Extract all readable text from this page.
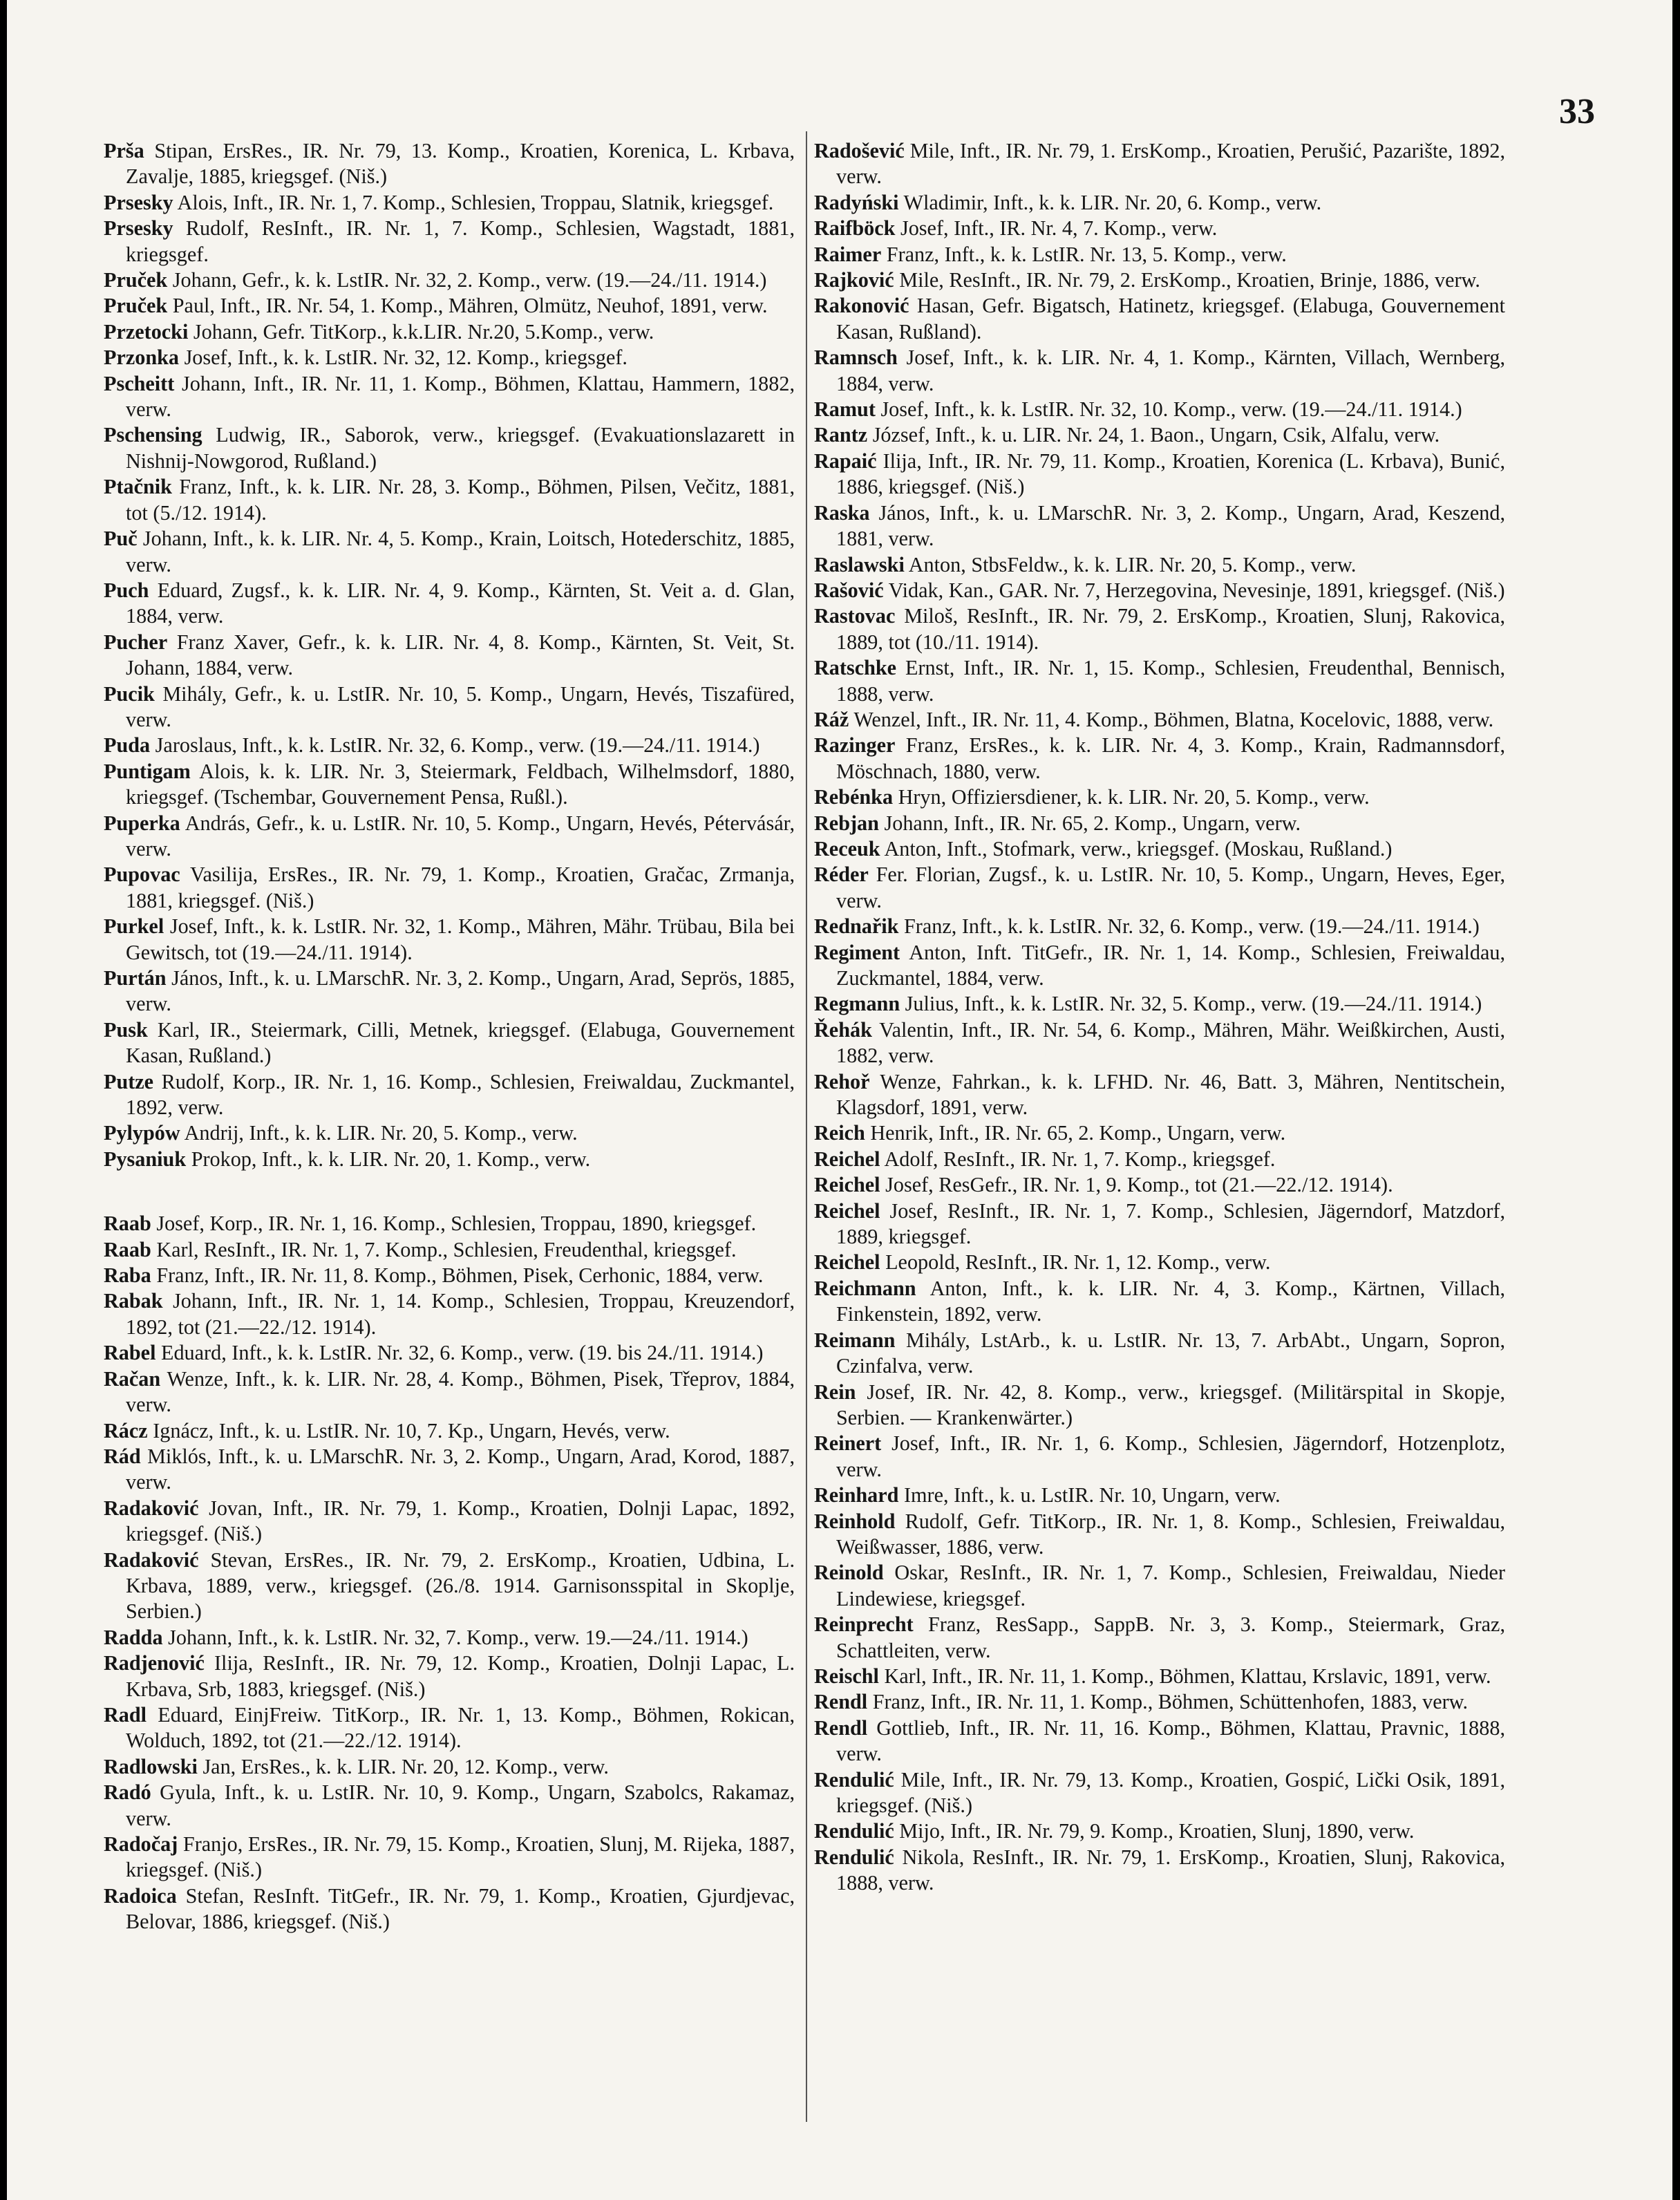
33

Prša Stipan, ErsRes., IR. Nr. 79, 13. Komp., Kroatien, Korenica, L. Krbava, Zavalje, 1885, kriegsgef. (Niš.)
Prsesky Alois, Inft., IR. Nr. 1, 7. Komp., Schlesien, Troppau, Slatnik, kriegsgef.
Prsesky Rudolf, ResInft., IR. Nr. 1, 7. Komp., Schlesien, Wagstadt, 1881, kriegsgef.
Pruček Johann, Gefr., k. k. LstIR. Nr. 32, 2. Komp., verw. (19.—24./11. 1914.)
Pruček Paul, Inft., IR. Nr. 54, 1. Komp., Mähren, Olmütz, Neuhof, 1891, verw.
Przetocki Johann, Gefr. TitKorp., k.k.LIR. Nr.20, 5.Komp., verw.
Przonka Josef, Inft., k. k. LstIR. Nr. 32, 12. Komp., kriegsgef.
Pscheitt Johann, Inft., IR. Nr. 11, 1. Komp., Böhmen, Klattau, Hammern, 1882, verw.
Pschensing Ludwig, IR., Saborok, verw., kriegsgef. (Evakuationslazarett in Nishnij-Nowgorod, Rußland.)
Ptačnik Franz, Inft., k. k. LIR. Nr. 28, 3. Komp., Böhmen, Pilsen, Večitz, 1881, tot (5./12. 1914).
Puč Johann, Inft., k. k. LIR. Nr. 4, 5. Komp., Krain, Loitsch, Hotederschitz, 1885, verw.
Puch Eduard, Zugsf., k. k. LIR. Nr. 4, 9. Komp., Kärnten, St. Veit a. d. Glan, 1884, verw.
Pucher Franz Xaver, Gefr., k. k. LIR. Nr. 4, 8. Komp., Kärnten, St. Veit, St. Johann, 1884, verw.
Pucik Mihály, Gefr., k. u. LstIR. Nr. 10, 5. Komp., Ungarn, Hevés, Tiszafüred, verw.
Puda Jaroslaus, Inft., k. k. LstIR. Nr. 32, 6. Komp., verw. (19.—24./11. 1914.)
Puntigam Alois, k. k. LIR. Nr. 3, Steiermark, Feldbach, Wilhelmsdorf, 1880, kriegsgef. (Tschembar, Gouvernement Pensa, Rußl.).
Puperka András, Gefr., k. u. LstIR. Nr. 10, 5. Komp., Ungarn, Hevés, Pétervásár, verw.
Pupovac Vasilija, ErsRes., IR. Nr. 79, 1. Komp., Kroatien, Gračac, Zrmanja, 1881, kriegsgef. (Niš.)
Purkel Josef, Inft., k. k. LstIR. Nr. 32, 1. Komp., Mähren, Mähr. Trübau, Bila bei Gewitsch, tot (19.—24./11. 1914).
Purtán János, Inft., k. u. LMarschR. Nr. 3, 2. Komp., Ungarn, Arad, Seprös, 1885, verw.
Pusk Karl, IR., Steiermark, Cilli, Metnek, kriegsgef. (Elabuga, Gouvernement Kasan, Rußland.)
Putze Rudolf, Korp., IR. Nr. 1, 16. Komp., Schlesien, Freiwaldau, Zuckmantel, 1892, verw.
Pylypów Andrij, Inft., k. k. LIR. Nr. 20, 5. Komp., verw.
Pysaniuk Prokop, Inft., k. k. LIR. Nr. 20, 1. Komp., verw.
Raab Josef, Korp., IR. Nr. 1, 16. Komp., Schlesien, Troppau, 1890, kriegsgef.
Raab Karl, ResInft., IR. Nr. 1, 7. Komp., Schlesien, Freudenthal, kriegsgef.
Raba Franz, Inft., IR. Nr. 11, 8. Komp., Böhmen, Pisek, Cerhonic, 1884, verw.
Rabak Johann, Inft., IR. Nr. 1, 14. Komp., Schlesien, Troppau, Kreuzendorf, 1892, tot (21.—22./12. 1914).
Rabel Eduard, Inft., k. k. LstIR. Nr. 32, 6. Komp., verw. (19. bis 24./11. 1914.)
Račan Wenze, Inft., k. k. LIR. Nr. 28, 4. Komp., Böhmen, Pisek, Třeprov, 1884, verw.
Rácz Ignácz, Inft., k. u. LstIR. Nr. 10, 7. Kp., Ungarn, Hevés, verw.
Rád Miklós, Inft., k. u. LMarschR. Nr. 3, 2. Komp., Ungarn, Arad, Korod, 1887, verw.
Radaković Jovan, Inft., IR. Nr. 79, 1. Komp., Kroatien, Dolnji Lapac, 1892, kriegsgef. (Niš.)
Radaković Stevan, ErsRes., IR. Nr. 79, 2. ErsKomp., Kroatien, Udbina, L. Krbava, 1889, verw., kriegsgef. (26./8. 1914. Garnisonsspital in Skoplje, Serbien.)
Radda Johann, Inft., k. k. LstIR. Nr. 32, 7. Komp., verw. 19.—24./11. 1914.)
Radjenović Ilija, ResInft., IR. Nr. 79, 12. Komp., Kroatien, Dolnji Lapac, L. Krbava, Srb, 1883, kriegsgef. (Niš.)
Radl Eduard, EinjFreiw. TitKorp., IR. Nr. 1, 13. Komp., Böhmen, Rokican, Wolduch, 1892, tot (21.—22./12. 1914).
Radlowski Jan, ErsRes., k. k. LIR. Nr. 20, 12. Komp., verw.
Radó Gyula, Inft., k. u. LstIR. Nr. 10, 9. Komp., Ungarn, Szabolcs, Rakamaz, verw.
Radočaj Franjo, ErsRes., IR. Nr. 79, 15. Komp., Kroatien, Slunj, M. Rijeka, 1887, kriegsgef. (Niš.)
Radoica Stefan, ResInft. TitGefr., IR. Nr. 79, 1. Komp., Kroatien, Gjurdjevac, Belovar, 1886, kriegsgef. (Niš.)
Radošević Mile, Inft., IR. Nr. 79, 1. ErsKomp., Kroatien, Perušić, Pazarište, 1892, verw.
Radyński Wladimir, Inft., k. k. LIR. Nr. 20, 6. Komp., verw.
Raifböck Josef, Inft., IR. Nr. 4, 7. Komp., verw.
Raimer Franz, Inft., k. k. LstIR. Nr. 13, 5. Komp., verw.
Rajković Mile, ResInft., IR. Nr. 79, 2. ErsKomp., Kroatien, Brinje, 1886, verw.
Rakonović Hasan, Gefr. Bigatsch, Hatinetz, kriegsgef. (Elabuga, Gouvernement Kasan, Rußland).
Ramnsch Josef, Inft., k. k. LIR. Nr. 4, 1. Komp., Kärnten, Villach, Wernberg, 1884, verw.
Ramut Josef, Inft., k. k. LstIR. Nr. 32, 10. Komp., verw. (19.—24./11. 1914.)
Rantz József, Inft., k. u. LIR. Nr. 24, 1. Baon., Ungarn, Csik, Alfalu, verw.
Rapaić Ilija, Inft., IR. Nr. 79, 11. Komp., Kroatien, Korenica (L. Krbava), Bunić, 1886, kriegsgef. (Niš.)
Raska János, Inft., k. u. LMarschR. Nr. 3, 2. Komp., Ungarn, Arad, Keszend, 1881, verw.
Raslawski Anton, StbsFeldw., k. k. LIR. Nr. 20, 5. Komp., verw.
Rašović Vidak, Kan., GAR. Nr. 7, Herzegovina, Nevesinje, 1891, kriegsgef. (Niš.)
Rastovac Miloš, ResInft., IR. Nr. 79, 2. ErsKomp., Kroatien, Slunj, Rakovica, 1889, tot (10./11. 1914).
Ratschke Ernst, Inft., IR. Nr. 1, 15. Komp., Schlesien, Freudenthal, Bennisch, 1888, verw.
Ráž Wenzel, Inft., IR. Nr. 11, 4. Komp., Böhmen, Blatna, Kocelovic, 1888, verw.
Razinger Franz, ErsRes., k. k. LIR. Nr. 4, 3. Komp., Krain, Radmannsdorf, Möschnach, 1880, verw.
Rebénka Hryn, Offiziersdiener, k. k. LIR. Nr. 20, 5. Komp., verw.
Rebjan Johann, Inft., IR. Nr. 65, 2. Komp., Ungarn, verw.
Receuk Anton, Inft., Stofmark, verw., kriegsgef. (Moskau, Rußland.)
Réder Fer. Florian, Zugsf., k. u. LstIR. Nr. 10, 5. Komp., Ungarn, Heves, Eger, verw.
Rednařik Franz, Inft., k. k. LstIR. Nr. 32, 6. Komp., verw. (19.—24./11. 1914.)
Regiment Anton, Inft. TitGefr., IR. Nr. 1, 14. Komp., Schlesien, Freiwaldau, Zuckmantel, 1884, verw.
Regmann Julius, Inft., k. k. LstIR. Nr. 32, 5. Komp., verw. (19.—24./11. 1914.)
Řehák Valentin, Inft., IR. Nr. 54, 6. Komp., Mähren, Mähr. Weißkirchen, Austi, 1882, verw.
Rehoř Wenze, Fahrkan., k. k. LFHD. Nr. 46, Batt. 3, Mähren, Nentitschein, Klagsdorf, 1891, verw.
Reich Henrik, Inft., IR. Nr. 65, 2. Komp., Ungarn, verw.
Reichel Adolf, ResInft., IR. Nr. 1, 7. Komp., kriegsgef.
Reichel Josef, ResGefr., IR. Nr. 1, 9. Komp., tot (21.—22./12. 1914).
Reichel Josef, ResInft., IR. Nr. 1, 7. Komp., Schlesien, Jägerndorf, Matzdorf, 1889, kriegsgef.
Reichel Leopold, ResInft., IR. Nr. 1, 12. Komp., verw.
Reichmann Anton, Inft., k. k. LIR. Nr. 4, 3. Komp., Kärtnen, Villach, Finkenstein, 1892, verw.
Reimann Mihály, LstArb., k. u. LstIR. Nr. 13, 7. ArbAbt., Ungarn, Sopron, Czinfalva, verw.
Rein Josef, IR. Nr. 42, 8. Komp., verw., kriegsgef. (Militärspital in Skopje, Serbien. — Krankenwärter.)
Reinert Josef, Inft., IR. Nr. 1, 6. Komp., Schlesien, Jägerndorf, Hotzenplotz, verw.
Reinhard Imre, Inft., k. u. LstIR. Nr. 10, Ungarn, verw.
Reinhold Rudolf, Gefr. TitKorp., IR. Nr. 1, 8. Komp., Schlesien, Freiwaldau, Weißwasser, 1886, verw.
Reinold Oskar, ResInft., IR. Nr. 1, 7. Komp., Schlesien, Freiwaldau, Nieder Lindewiese, kriegsgef.
Reinprecht Franz, ResSapp., SappB. Nr. 3, 3. Komp., Steiermark, Graz, Schattleiten, verw.
Reischl Karl, Inft., IR. Nr. 11, 1. Komp., Böhmen, Klattau, Krslavic, 1891, verw.
Rendl Franz, Inft., IR. Nr. 11, 1. Komp., Böhmen, Schüttenhofen, 1883, verw.
Rendl Gottlieb, Inft., IR. Nr. 11, 16. Komp., Böhmen, Klattau, Pravnic, 1888, verw.
Rendulić Mile, Inft., IR. Nr. 79, 13. Komp., Kroatien, Gospić, Lički Osik, 1891, kriegsgef. (Niš.)
Rendulić Mijo, Inft., IR. Nr. 79, 9. Komp., Kroatien, Slunj, 1890, verw.
Rendulić Nikola, ResInft., IR. Nr. 79, 1. ErsKomp., Kroatien, Slunj, Rakovica, 1888, verw.
